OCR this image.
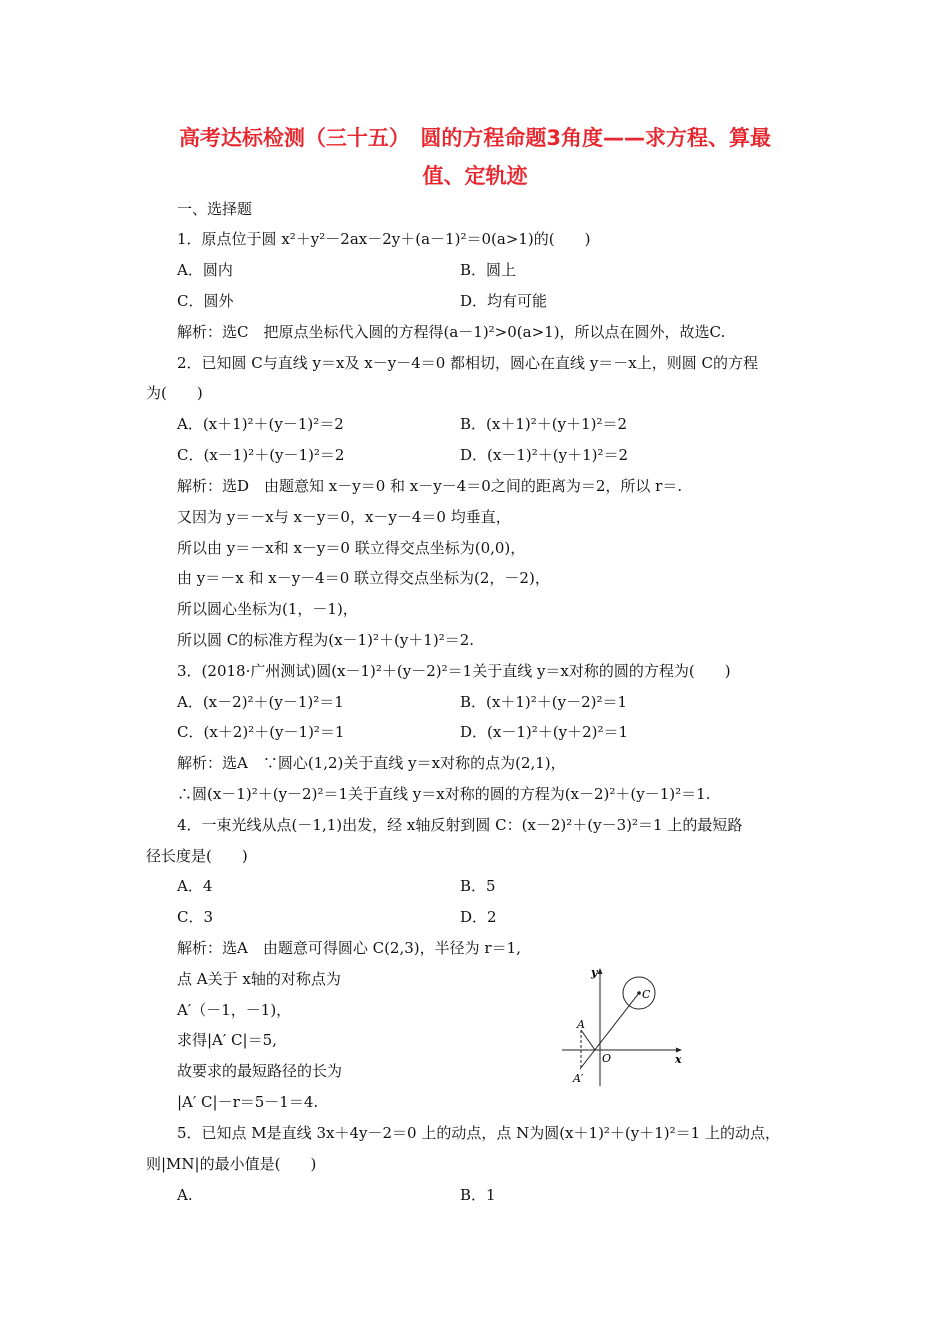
高考达标检测（三十五）　圆的方程命题3角度——求方程、算最
值、定轨迹
一、选择题
1．原点位于圆 x²＋y²－2ax－2y＋(a－1)²＝0(a>1)的(　　)
A．圆内	B．圆上
C．圆外	D．均有可能
解析：选C　把原点坐标代入圆的方程得(a－1)²>0(a>1)，所以点在圆外，故选C.
2．已知圆 C与直线 y＝x及 x－y－4＝0 都相切，圆心在直线 y＝－x上，则圆 C的方程
为(　　)
A．(x＋1)²＋(y－1)²＝2	B．(x＋1)²＋(y＋1)²＝2
C．(x－1)²＋(y－1)²＝2	D．(x－1)²＋(y＋1)²＝2
解析：选D　由题意知 x－y＝0 和 x－y－4＝0之间的距离为＝2，所以 r＝.
又因为 y＝－x与 x－y＝0，x－y－4＝0 均垂直，
所以由 y＝－x和 x－y＝0 联立得交点坐标为(0,0)，
由 y＝－x 和 x－y－4＝0 联立得交点坐标为(2，－2)，
所以圆心坐标为(1，－1)，
所以圆 C的标准方程为(x－1)²＋(y＋1)²＝2.
3．(2018·广州测试)圆(x－1)²＋(y－2)²＝1关于直线 y＝x对称的圆的方程为(　　)
A．(x－2)²＋(y－1)²＝1	B．(x＋1)²＋(y－2)²＝1
C．(x＋2)²＋(y－1)²＝1	D．(x－1)²＋(y＋2)²＝1
解析：选A　∵圆心(1,2)关于直线 y＝x对称的点为(2,1)，
∴圆(x－1)²＋(y－2)²＝1关于直线 y＝x对称的圆的方程为(x－2)²＋(y－1)²＝1.
4．一束光线从点(－1,1)出发，经 x轴反射到圆 C：(x－2)²＋(y－3)²＝1 上的最短路
径长度是(　　)
A．4	B．5
C．3	D．2
解析：选A　由题意可得圆心 C(2,3)，半径为 r＝1,
点 A关于 x轴的对称点为
A′（－1，－1)，
求得|A′ C|＝5,
故要求的最短路径的长为
|A′ C|－r＝5－1＝4.
y
x
O
A
A′
C
5．已知点 M是直线 3x＋4y－2＝0 上的动点，点 N为圆(x＋1)²＋(y＋1)²＝1 上的动点，
则|MN|的最小值是(　　)
A.	B．1
